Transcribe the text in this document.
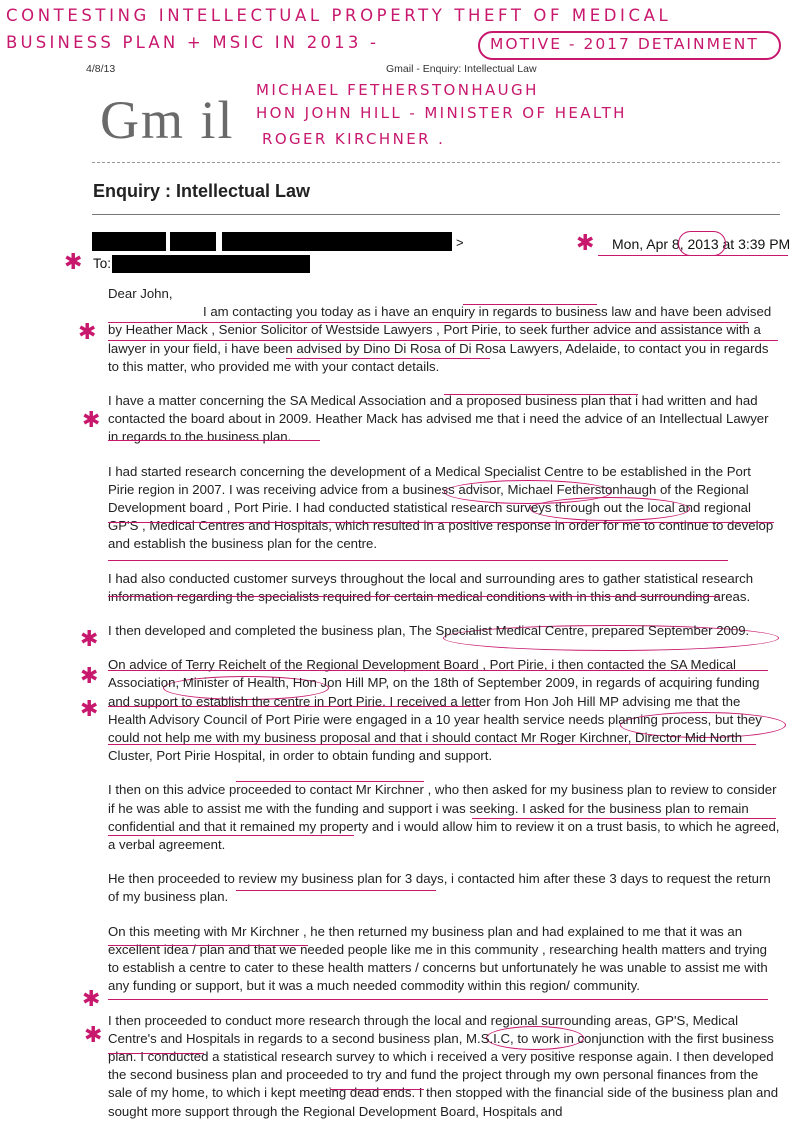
CONTESTING INTELLECTUAL PROPERTY THEFT OF MEDICAL
BUSINESS PLAN + MSIC IN 2013 -	MOTIVE - 2017 DETAINMENT
MICHAEL FETHERSTONHAUGH
HON JOHN HILL - MINISTER OF HEALTH
ROGER KIRCHNER .
4/8/13	Gmail - Enquiry: Intellectual Law
Gm il
Enquiry : Intellectual Law
>	✱ Mon, Apr 8, 2013 at 3:39 PM
✱ To:
✱
✱
✱
✱
✱
✱
✱

Dear John,

I am contacting you today as i have an enquiry in regards to business law and have been advised by Heather Mack , Senior Solicitor of Westside Lawyers , Port Pirie, to seek further advice and assistance with a lawyer in your field, i have been advised by Dino Di Rosa of Di Rosa Lawyers, Adelaide, to contact you in regards to this matter, who provided me with your contact details.

I have a matter concerning the SA Medical Association and a proposed business plan that i had written and had contacted the board about in 2009. Heather Mack has advised me that i need the advice of an Intellectual Lawyer in regards to the business plan.

I had started research concerning the development of a Medical Specialist Centre to be established in the Port Pirie region in 2007. I was receiving advice from a business advisor, Michael Fetherstonhaugh of the Regional Development board , Port Pirie. I had conducted statistical research surveys through out the local and regional GP'S , Medical Centres and Hospitals, which resulted in a positive response in order for me to continue to develop and establish the business plan for the centre.

I had also conducted customer surveys throughout the local and surrounding ares to gather statistical research information regarding the specialists required for certain medical conditions with in this and surrounding areas.

I then developed and completed the business plan, The Specialist Medical Centre, prepared September 2009.

On advice of Terry Reichelt of the Regional Development Board , Port Pirie, i then contacted the SA Medical Association, Minister of Health, Hon Jon Hill MP, on the 18th of September 2009, in regards of acquiring funding and support to establish the centre in Port Pirie. I received a letter from Hon Joh Hill MP advising me that the Health Advisory Council of Port Pirie were engaged in a 10 year health service needs planning process, but they could not help me with my business proposal and that i should contact Mr Roger Kirchner, Director Mid North Cluster, Port Pirie Hospital, in order to obtain funding and support.

I then on this advice proceeded to contact Mr Kirchner , who then asked for my business plan to review to consider if he was able to assist me with the funding and support i was seeking. I asked for the business plan to remain confidential and that it remained my property and i would allow him to review it on a trust basis, to which he agreed, a verbal agreement.

He then proceeded to review my business plan for 3 days, i contacted him after these 3 days to request the return of my business plan.

On this meeting with Mr Kirchner , he then returned my business plan and had explained to me that it was an excellent idea / plan and that we needed people like me in this community , researching health matters and trying to establish a centre to cater to these health matters / concerns but unfortunately he was unable to assist me with any funding or support, but it was a much needed commodity within this region/ community.

I then proceeded to conduct more research through the local and regional surrounding areas, GP'S, Medical Centre's and Hospitals in regards to a second business plan, M.S.I.C, to work in conjunction with the first business plan. I conducted a statistical research survey to which i received a very positive response again. I then developed the second business plan and proceeded to try and fund the project through my own personal finances from the sale of my home, to which i kept meeting dead ends. I then stopped with the financial side of the business plan and sought more support through the Regional Development Board, Hospitals and
